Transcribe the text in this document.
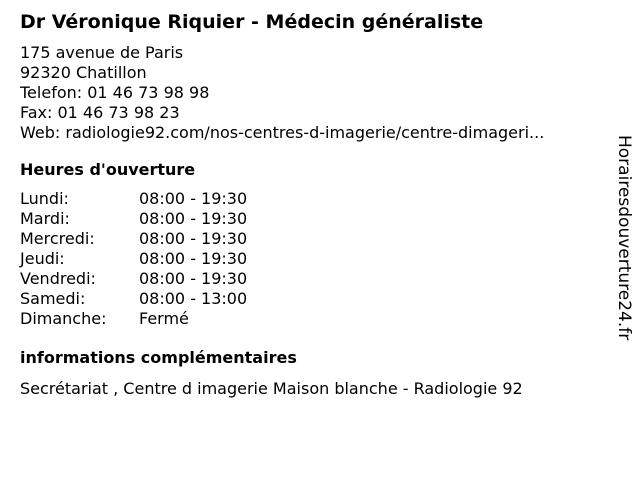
Dr Véronique Riquier - Médecin généraliste
175 avenue de Paris
92320 Chatillon
Telefon: 01 46 73 98 98
Fax: 01 46 73 98 23
Web: radiologie92.com/nos-centres-d-imagerie/centre-dimageri...
Heures d'ouverture
Lundi:	08:00 - 19:30
Mardi:	08:00 - 19:30
Mercredi:	08:00 - 19:30
Jeudi:	08:00 - 19:30
Vendredi:	08:00 - 19:30
Samedi:	08:00 - 13:00
Dimanche:	Fermé
informations complémentaires
Secrétariat , Centre d imagerie Maison blanche - Radiologie 92
Horairesdouverture24.fr
